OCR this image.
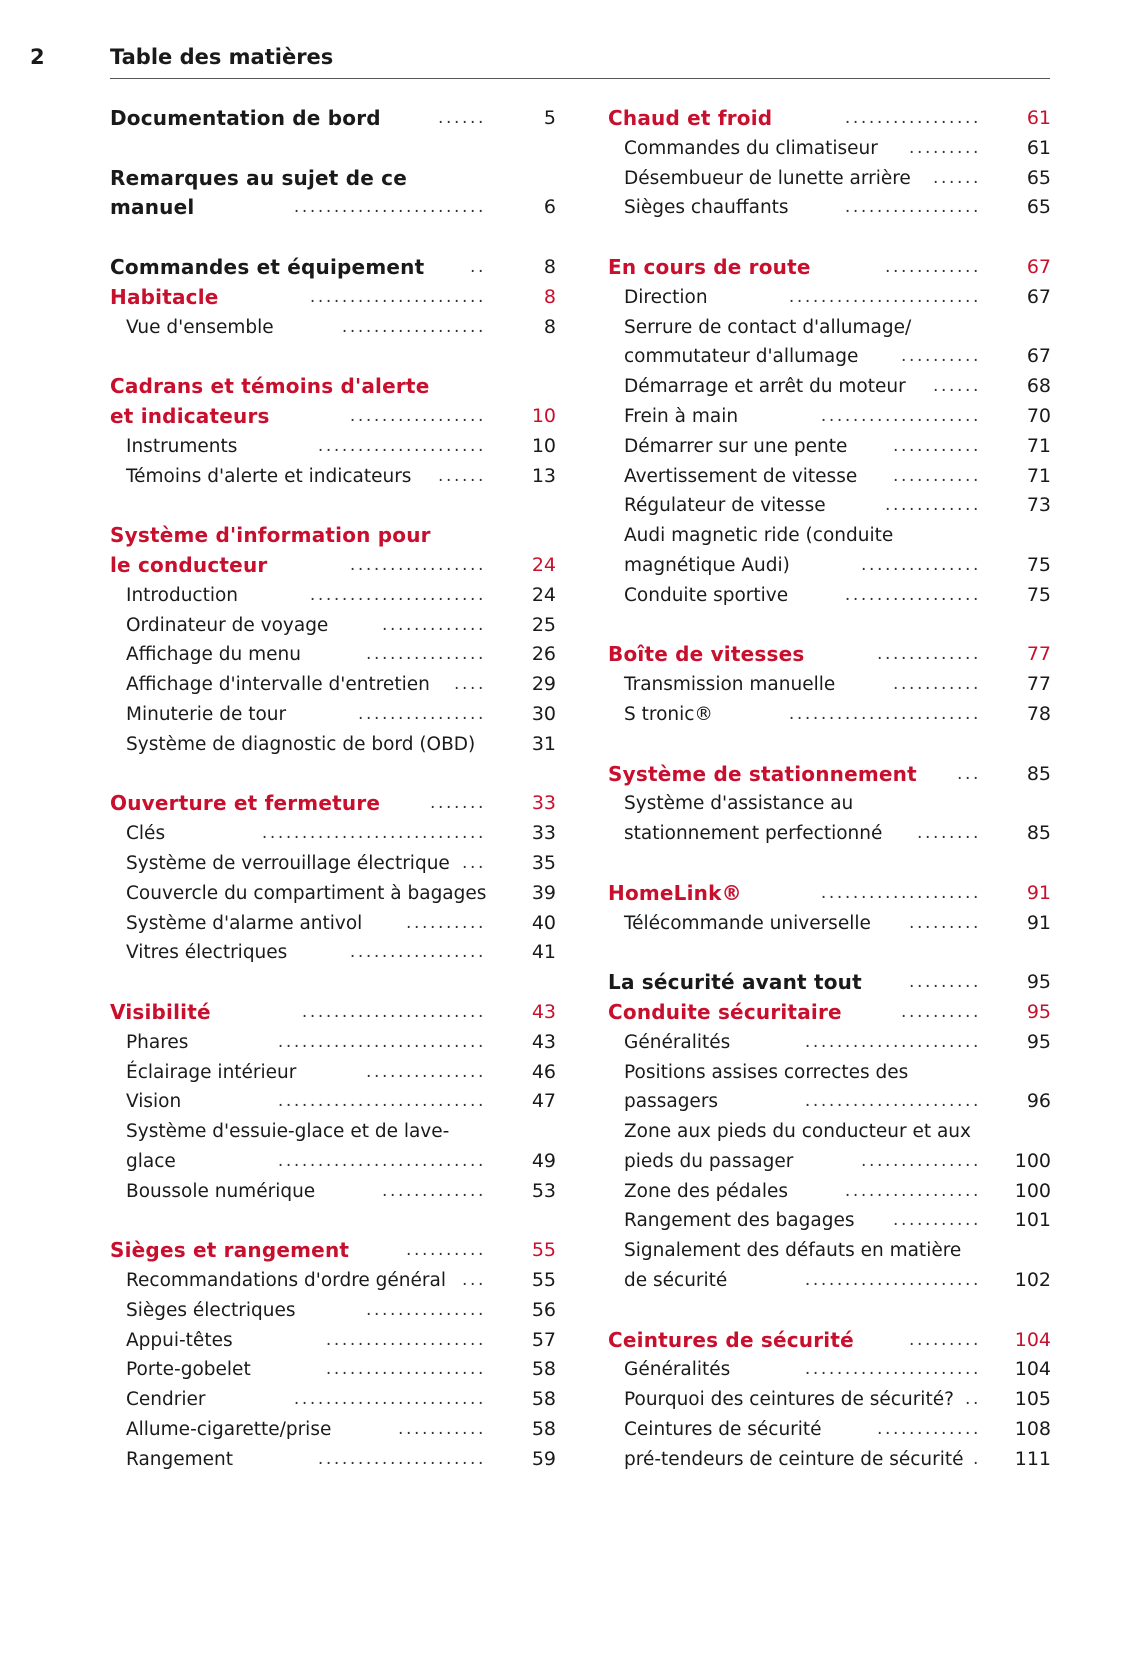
2	Table des matières
Documentation de bord	......	5
Remarques au sujet de ce
manuel	........................	6
Commandes et équipement	..	8
Habitacle	......................	8
Vue d'ensemble	..................	8
Cadrans et témoins d'alerte
et indicateurs	.................	10
Instruments	.....................	10
Témoins d'alerte et indicateurs ......	13
Système d'information pour
le conducteur	.................	24
Introduction	......................	24
Ordinateur de voyage	.............	25
Affichage du menu	...............	26
Affichage d'intervalle d'entretien ....	29
Minuterie de tour	................	30
Système de diagnostic de bord (OBD)	31
Ouverture et fermeture	.......	33
Clés	............................	33
Système de verrouillage électrique ...	35
Couvercle du compartiment à bagages	39
Système d'alarme antivol	..........	40
Vitres électriques	.................	41
Visibilité	.......................	43
Phares	..........................	43
Éclairage intérieur	...............	46
Vision	..........................	47
Système d'essuie-glace et de lave-
glace	..........................	49
Boussole numérique	.............	53
Sièges et rangement	..........	55
Recommandations d'ordre général ...	55
Sièges électriques	...............	56
Appui-têtes	....................	57
Porte-gobelet	....................	58
Cendrier	........................	58
Allume-cigarette/prise	...........	58
Rangement	.....................	59
Chaud et froid	.................	61
Commandes du climatiseur .........	61
Désembueur de lunette arrière ......	65
Sièges chauffants	.................	65
En cours de route	............	67
Direction	........................	67
Serrure de contact d'allumage/
commutateur d'allumage	..........	67
Démarrage et arrêt du moteur ......	68
Frein à main	....................	70
Démarrer sur une pente	...........	71
Avertissement de vitesse ...........	71
Régulateur de vitesse	............	73
Audi magnetic ride (conduite
magnétique Audi)	...............	75
Conduite sportive	.................	75
Boîte de vitesses	.............	77
Transmission manuelle	...........	77
S tronic®	........................	78
Système de stationnement ...	85
Système d'assistance au
stationnement perfectionné ........	85
HomeLink®	....................	91
Télécommande universelle .........	91
La sécurité avant tout	.........	95
Conduite sécuritaire	..........	95
Généralités	......................	95
Positions assises correctes des
passagers	......................	96
Zone aux pieds du conducteur et aux
pieds du passager	...............	100
Zone des pédales	.................	100
Rangement des bagages ...........	101
Signalement des défauts en matière
de sécurité	......................	102
Ceintures de sécurité	.........	104
Généralités	......................	104
Pourquoi des ceintures de sécurité? ..	105
Ceintures de sécurité	.............	108
pré-tendeurs de ceinture de sécurité .	111
